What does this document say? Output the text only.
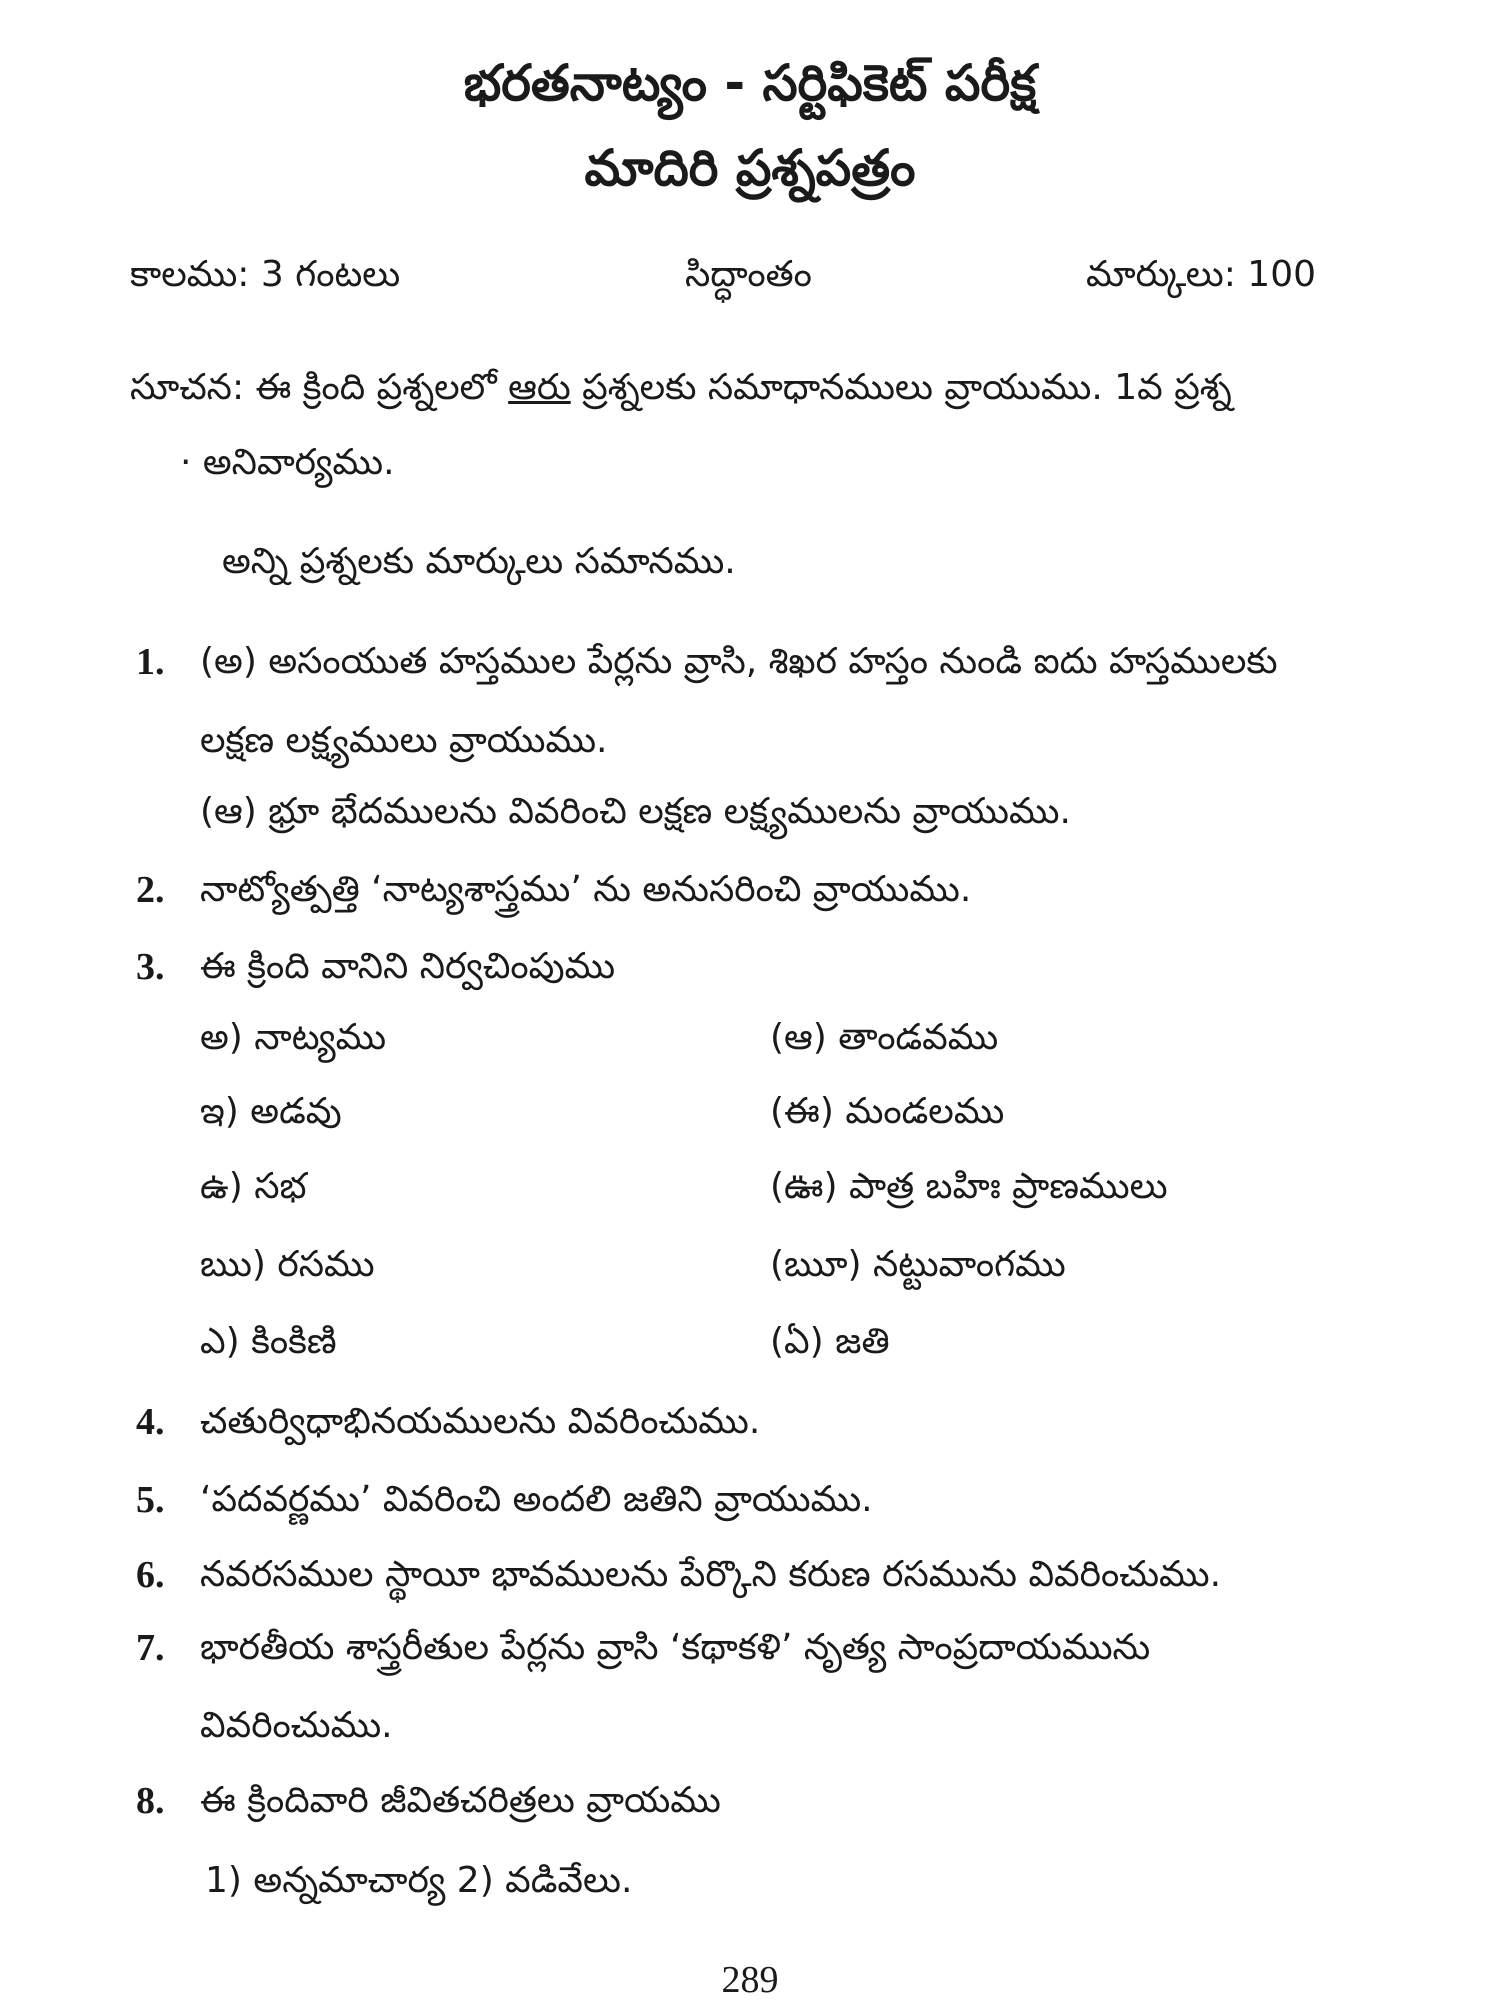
భరతనాట్యం - సర్టిఫికెట్ పరీక్ష
మాదిరి ప్రశ్నపత్రం
కాలము: 3 గంటలు	సిద్ధాంతం	మార్కులు: 100
సూచన: ఈ క్రింది ప్రశ్నలలో ఆరు ప్రశ్నలకు సమాధానములు వ్రాయుము. 1వ ప్రశ్న
· అనివార్యము.
అన్ని ప్రశ్నలకు మార్కులు సమానము.
1. (అ) అసంయుత హస్తముల పేర్లను వ్రాసి, శిఖర హస్తం నుండి ఐదు హస్తములకు
లక్షణ లక్ష్యములు వ్రాయుము.
(ఆ) భ్రూ భేదములను వివరించి లక్షణ లక్ష్యములను వ్రాయుము.
2. నాట్యోత్పత్తి ‘నాట్యశాస్త్రము’ ను అనుసరించి వ్రాయుము.
3. ఈ క్రింది వానిని నిర్వచింపుము
అ) నాట్యము
ఇ) అడవు
ఉ) సభ
ఋ) రసము
ఎ) కింకిణి
(ఆ) తాండవము
(ఈ) మండలము
(ఊ) పాత్ర బహిః ప్రాణములు
(ౠ) నట్టువాంగము
(ఏ) జతి
4. చతుర్విధాభినయములను వివరించుము.
5. ‘పదవర్ణము’ వివరించి అందలి జతిని వ్రాయుము.
6. నవరసముల స్థాయీ భావములను పేర్కొని కరుణ రసమును వివరించుము.
7. భారతీయ శాస్త్రరీతుల పేర్లను వ్రాసి ‘కథాకళి’ నృత్య సాంప్రదాయమును
వివరించుము.
8. ఈ క్రిందివారి జీవితచరిత్రలు వ్రాయము
1) అన్నమాచార్య 2) వడివేలు.
289
